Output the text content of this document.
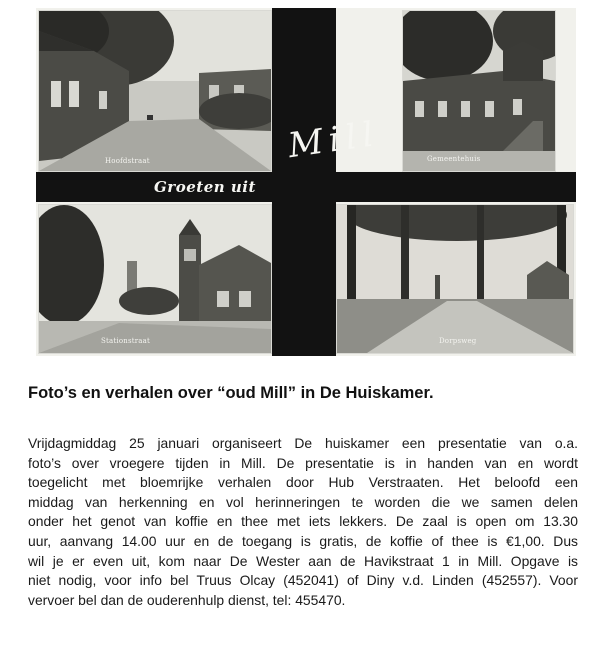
Hoofdstraat	Gemeentehuis
Stationstraat	Dorpsweg
Mill
Groeten uit
Foto’s en verhalen over “oud Mill” in De Huiskamer.
Vrijdagmiddag 25 januari organiseert De huiskamer een presentatie van o.a.
foto’s over vroegere tijden in Mill. De presentatie is in handen van en wordt
toegelicht met bloemrijke verhalen door Hub Verstraaten. Het beloofd een
middag van herkenning en vol herinneringen te worden die we samen delen
onder het genot van koffie en thee met iets lekkers. De zaal is open om 13.30
uur, aanvang 14.00 uur en de toegang is gratis, de koffie of thee is €1,00. Dus
wil je er even uit, kom naar De Wester aan de Havikstraat 1 in Mill. Opgave is
niet nodig, voor info bel Truus Olcay (452041) of Diny v.d. Linden (452557). Voor
vervoer bel dan de ouderenhulp dienst, tel: 455470.
